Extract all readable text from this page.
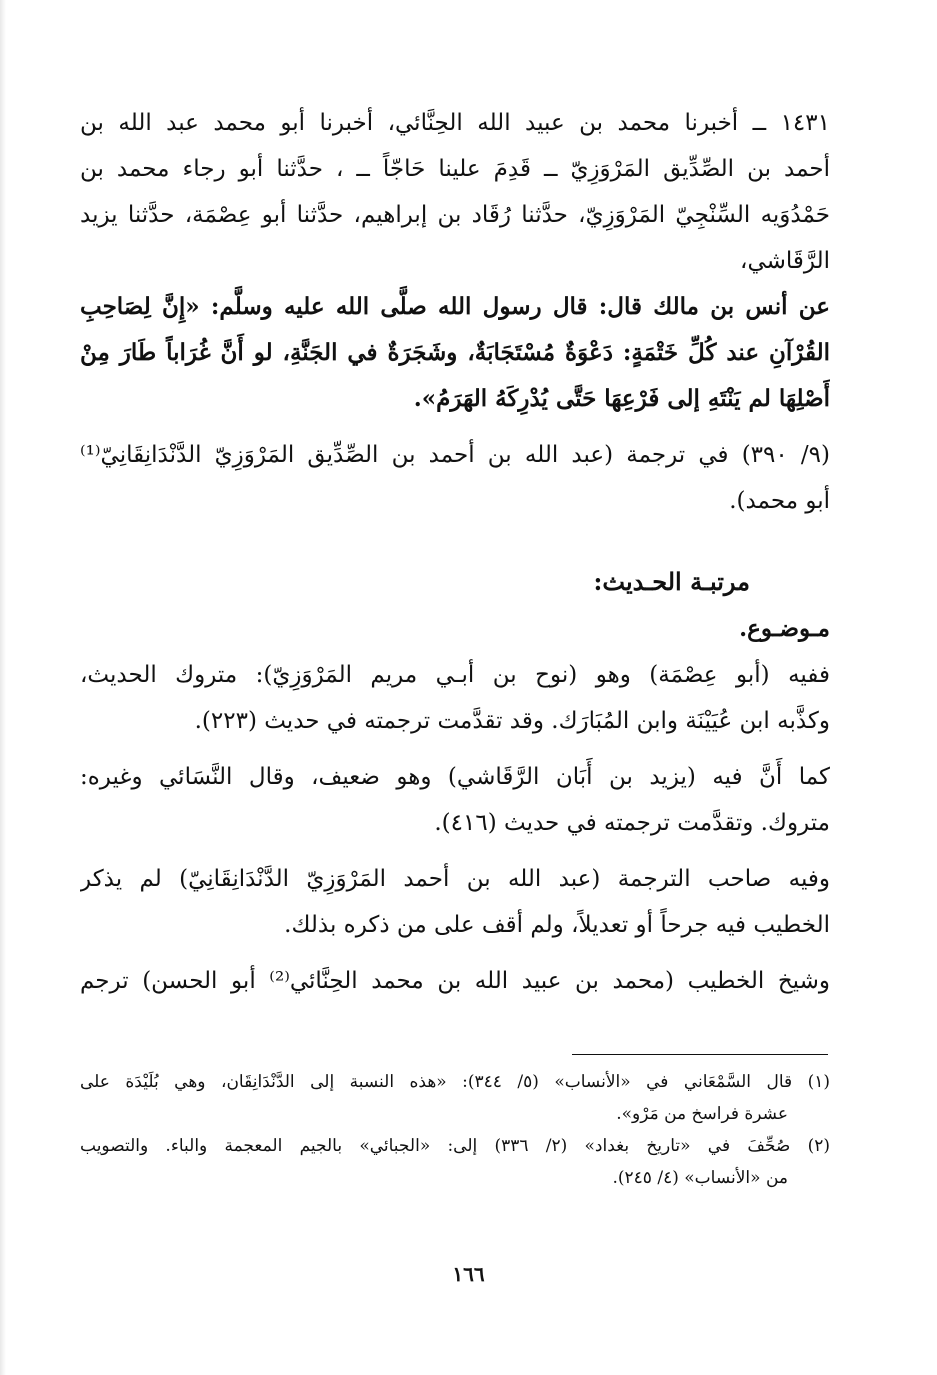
١٤٣١ ــ أخبرنا محمد بن عبيد الله الحِنَّائي، أخبرنا أبو محمد عبد الله بن
أحمد بن الصِّدِّيق المَرْوَزِيّ ــ قَدِمَ علينا حَاجّاً ــ ، حدَّثنا أبو رجاء محمد بن
حَمْدُوَيه السِّنْجِيّ المَرْوَزِيّ، حدَّثنا رُقَاد بن إبراهيم، حدَّثنا أبو عِصْمَة، حدَّثنا يزيد
الرَّقَاشي،
عن أنس بن مالك قال: قال رسول الله صلَّى الله عليه وسلَّم: «إِنَّ لِصَاحِبِ
القُرْآنِ عند كُلِّ خَتْمَةٍ: دَعْوَةٌ مُسْتَجَابَةٌ، وشَجَرَةٌ في الجَنَّةِ، لو أَنَّ غُرَاباً طَارَ مِنْ
أَصْلِهَا لم يَنْتَهِ إلى فَرْعِهَا حَتَّى يُدْرِكَهُ الهَرَمُ».
(٩/ ٣٩٠) في ترجمة (عبد الله بن أحمد بن الصِّدِّيق المَرْوَزِيّ الدَّنْدَانِقَانِيّ⁽¹⁾
أبو محمد).
مرتبـة الحـديث:
مـوضـوع.
ففيه (أبو عِصْمَة) وهو (نوح بن أبـي مريم المَرْوَزِيّ): متروك الحديث،
وكذَّبه ابن عُيَيْنَة وابن المُبَارَك. وقد تقدَّمت ترجمته في حديث (٢٢٣).
كما أَنَّ فيه (يزيد بن أَبَان الرَّقَاشي) وهو ضعيف، وقال النَّسَائي وغيره:
متروك. وتقدَّمت ترجمته في حديث (٤١٦).
وفيه صاحب الترجمة (عبد الله بن أحمد المَرْوَزِيّ الدَّنْدَانِقَانِيّ) لم يذكر
الخطيب فيه جرحاً أو تعديلاً، ولم أقف على من ذكره بذلك.
وشيخ الخطيب (محمد بن عبيد الله بن محمد الحِنَّائي⁽²⁾ أبو الحسن) ترجم
(١) قال السَّمْعَاني في «الأنساب» (٥/ ٣٤٤): «هذه النسبة إلى الدَّنْدَانِقَان، وهي بُلَيْدَة على
عشرة فراسخ من مَرْو».
(٢) صُحِّفَ في «تاريخ بغداد» (٢/ ٣٣٦) إلى: «الجبائي» بالجيم المعجمة والباء. والتصويب
من «الأنساب» (٤/ ٢٤٥).
١٦٦
